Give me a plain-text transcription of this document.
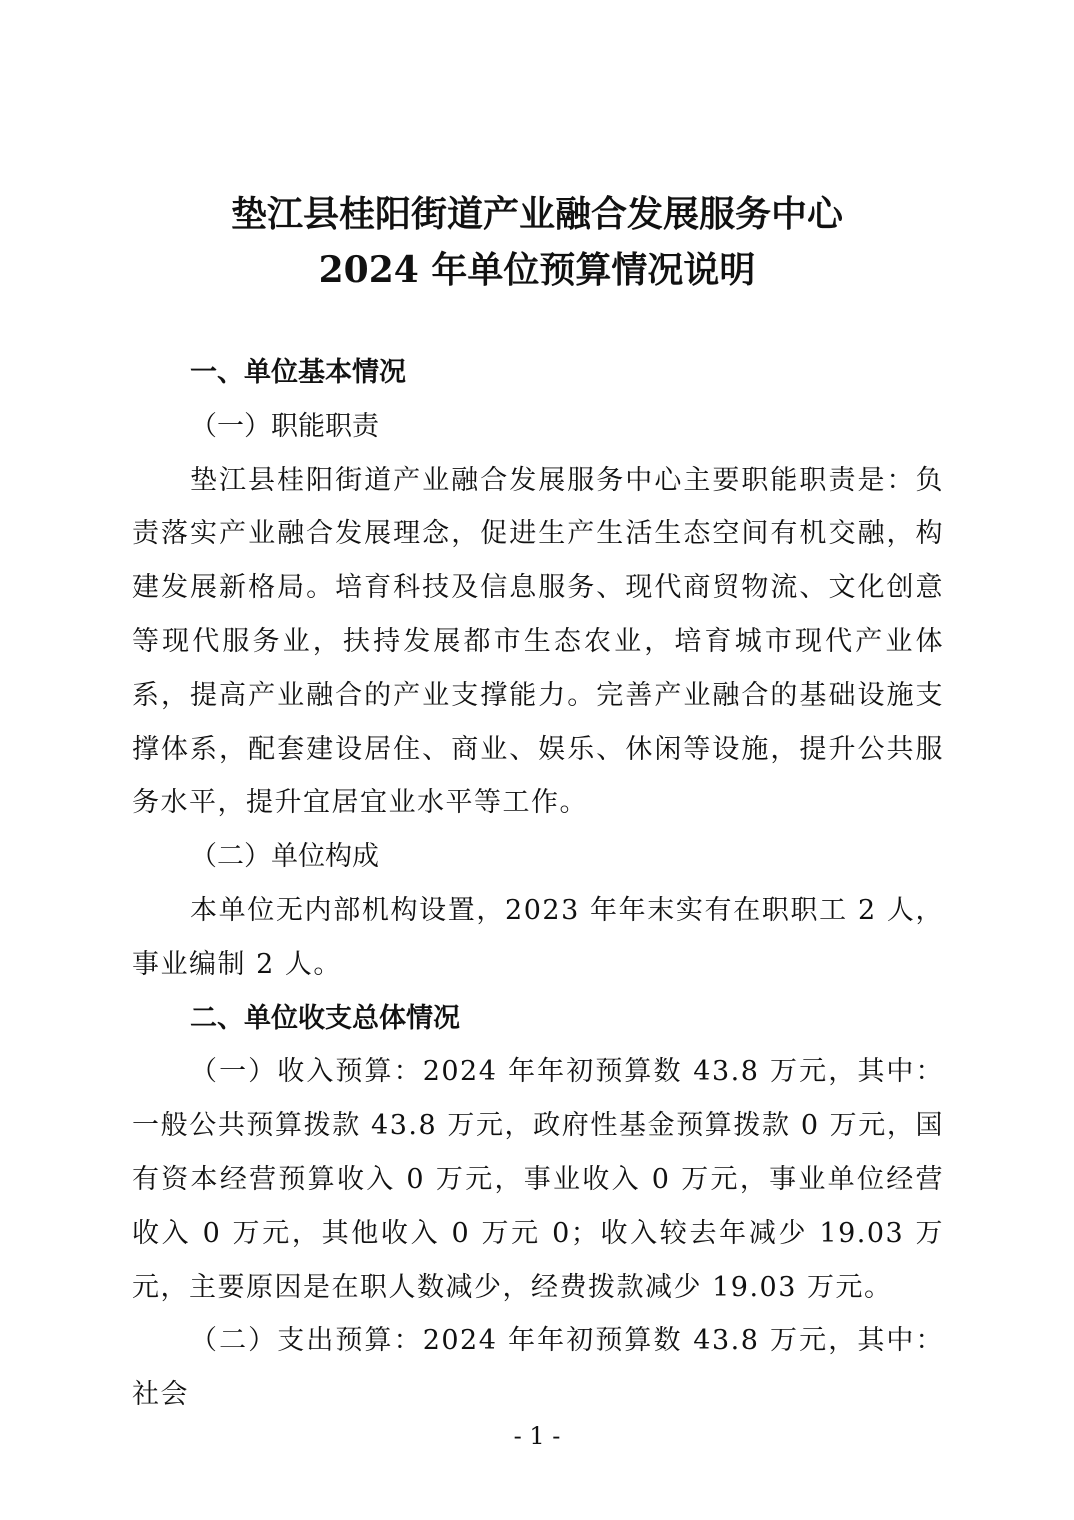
垫江县桂阳街道产业融合发展服务中心
2024 年单位预算情况说明
一、单位基本情况
（一）职能职责
垫江县桂阳街道产业融合发展服务中心主要职能职责是：负责落实产业融合发展理念，促进生产生活生态空间有机交融，构建发展新格局。培育科技及信息服务、现代商贸物流、文化创意等现代服务业，扶持发展都市生态农业，培育城市现代产业体系，提高产业融合的产业支撑能力。完善产业融合的基础设施支撑体系，配套建设居住、商业、娱乐、休闲等设施，提升公共服务水平，提升宜居宜业水平等工作。
（二）单位构成
本单位无内部机构设置，2023 年年末实有在职职工 2 人，事业编制 2 人。
二、单位收支总体情况
（一）收入预算：2024 年年初预算数 43.8 万元，其中：一般公共预算拨款 43.8 万元，政府性基金预算拨款 0 万元，国有资本经营预算收入 0 万元，事业收入 0 万元，事业单位经营收入 0 万元，其他收入 0 万元 0；收入较去年减少 19.03 万元，主要原因是在职人数减少，经费拨款减少 19.03 万元。
（二）支出预算：2024 年年初预算数 43.8 万元，其中：社会
- 1 -
